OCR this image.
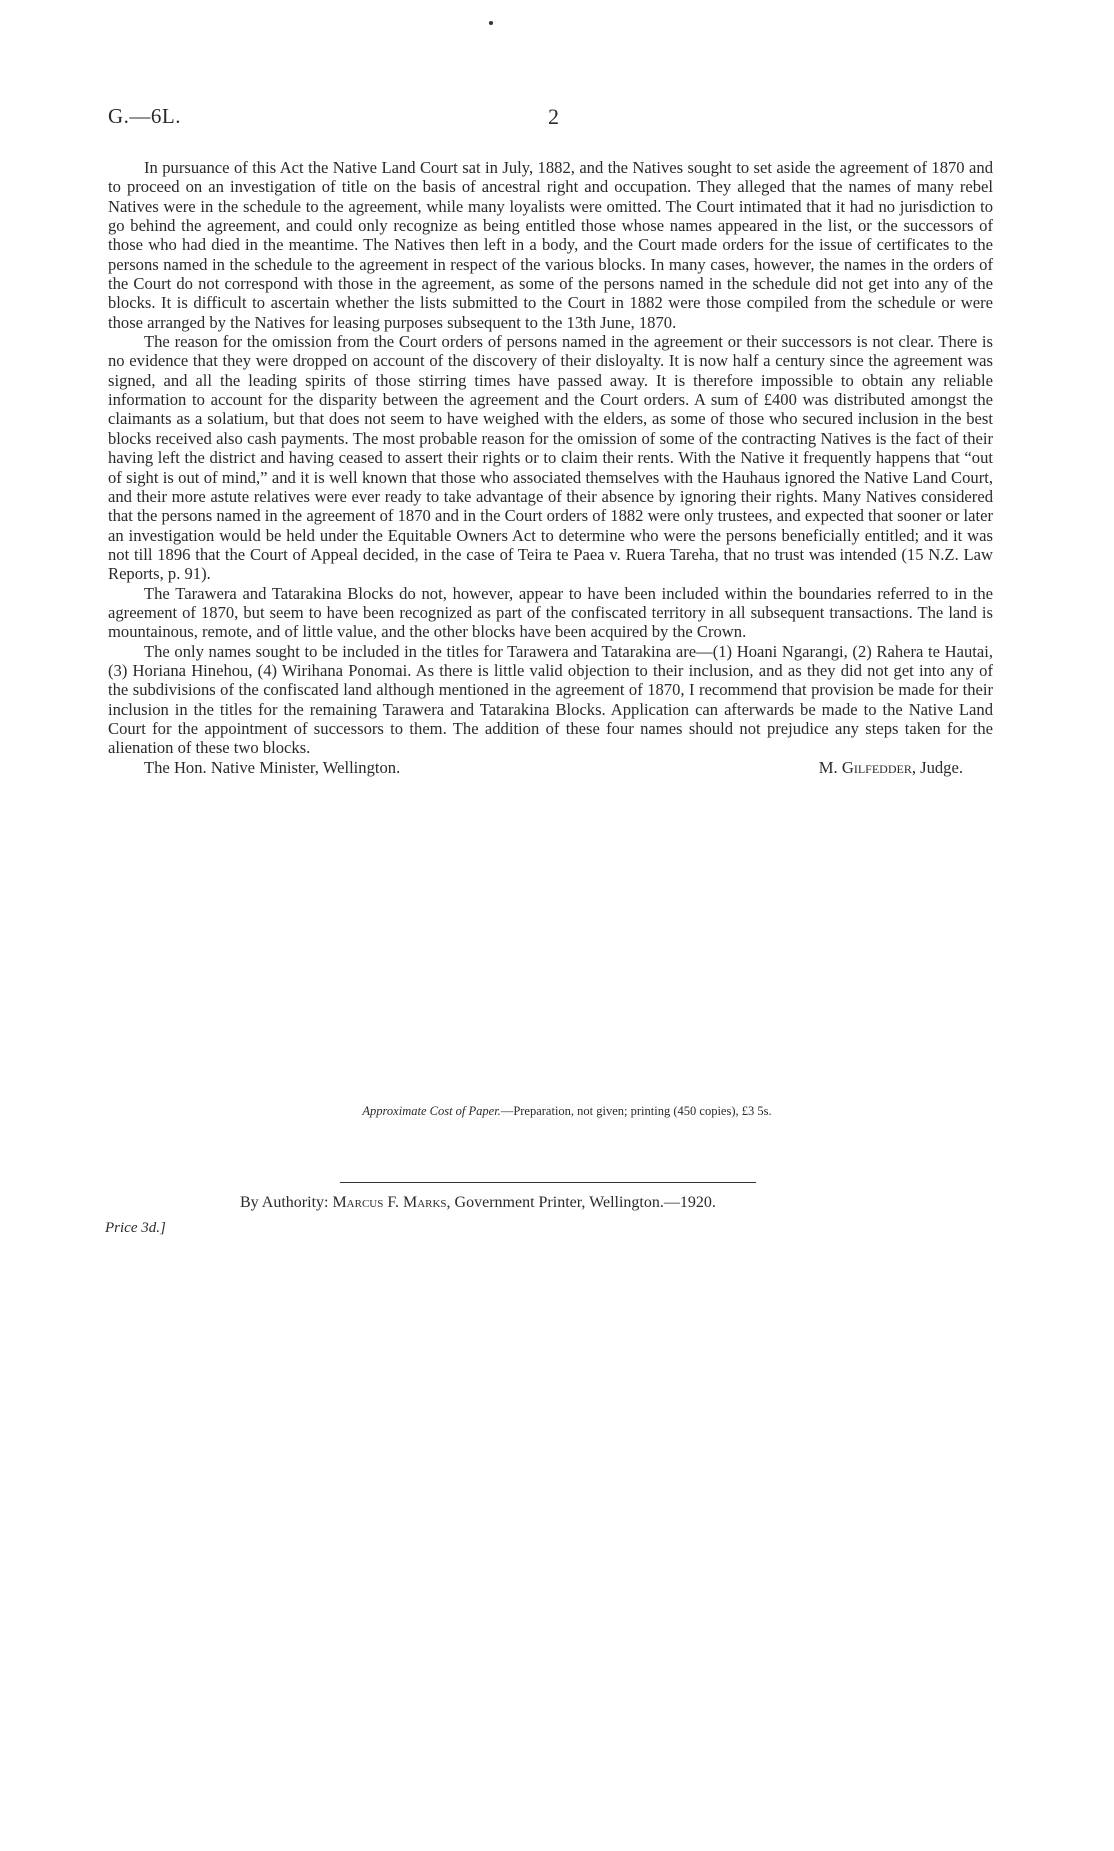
G.—6L.	2

In pursuance of this Act the Native Land Court sat in July, 1882, and the Natives sought to set aside the agreement of 1870 and to proceed on an investigation of title on the basis of ancestral right and occupation. They alleged that the names of many rebel Natives were in the schedule to the agreement, while many loyalists were omitted. The Court intimated that it had no jurisdiction to go behind the agreement, and could only recognize as being entitled those whose names appeared in the list, or the successors of those who had died in the meantime. The Natives then left in a body, and the Court made orders for the issue of certificates to the persons named in the schedule to the agreement in respect of the various blocks. In many cases, however, the names in the orders of the Court do not correspond with those in the agreement, as some of the persons named in the schedule did not get into any of the blocks. It is difficult to ascertain whether the lists submitted to the Court in 1882 were those compiled from the schedule or were those arranged by the Natives for leasing purposes subsequent to the 13th June, 1870.

The reason for the omission from the Court orders of persons named in the agreement or their successors is not clear. There is no evidence that they were dropped on account of the discovery of their disloyalty. It is now half a century since the agreement was signed, and all the leading spirits of those stirring times have passed away. It is therefore impossible to obtain any reliable information to account for the disparity between the agreement and the Court orders. A sum of £400 was distributed amongst the claimants as a solatium, but that does not seem to have weighed with the elders, as some of those who secured inclusion in the best blocks received also cash payments. The most probable reason for the omission of some of the contracting Natives is the fact of their having left the district and having ceased to assert their rights or to claim their rents. With the Native it frequently happens that “out of sight is out of mind,” and it is well known that those who associated themselves with the Hauhaus ignored the Native Land Court, and their more astute relatives were ever ready to take advantage of their absence by ignoring their rights. Many Natives considered that the persons named in the agreement of 1870 and in the Court orders of 1882 were only trustees, and expected that sooner or later an investigation would be held under the Equitable Owners Act to determine who were the persons beneficially entitled; and it was not till 1896 that the Court of Appeal decided, in the case of Teira te Paea v. Ruera Tareha, that no trust was intended (15 N.Z. Law Reports, p. 91).

The Tarawera and Tatarakina Blocks do not, however, appear to have been included within the boundaries referred to in the agreement of 1870, but seem to have been recognized as part of the confiscated territory in all subsequent transactions. The land is mountainous, remote, and of little value, and the other blocks have been acquired by the Crown.

The only names sought to be included in the titles for Tarawera and Tatarakina are—(1) Hoani Ngarangi, (2) Rahera te Hautai, (3) Horiana Hinehou, (4) Wirihana Ponomai. As there is little valid objection to their inclusion, and as they did not get into any of the subdivisions of the confiscated land although mentioned in the agreement of 1870, I recommend that provision be made for their inclusion in the titles for the remaining Tarawera and Tatarakina Blocks. Application can afterwards be made to the Native Land Court for the appointment of successors to them. The addition of these four names should not prejudice any steps taken for the alienation of these two blocks.

The Hon. Native Minister, Wellington.	M. Gilfedder, Judge.
Approximate Cost of Paper.—Preparation, not given; printing (450 copies), £3 5s.
By Authority: Marcus F. Marks, Government Printer, Wellington.—1920.
Price 3d.]
